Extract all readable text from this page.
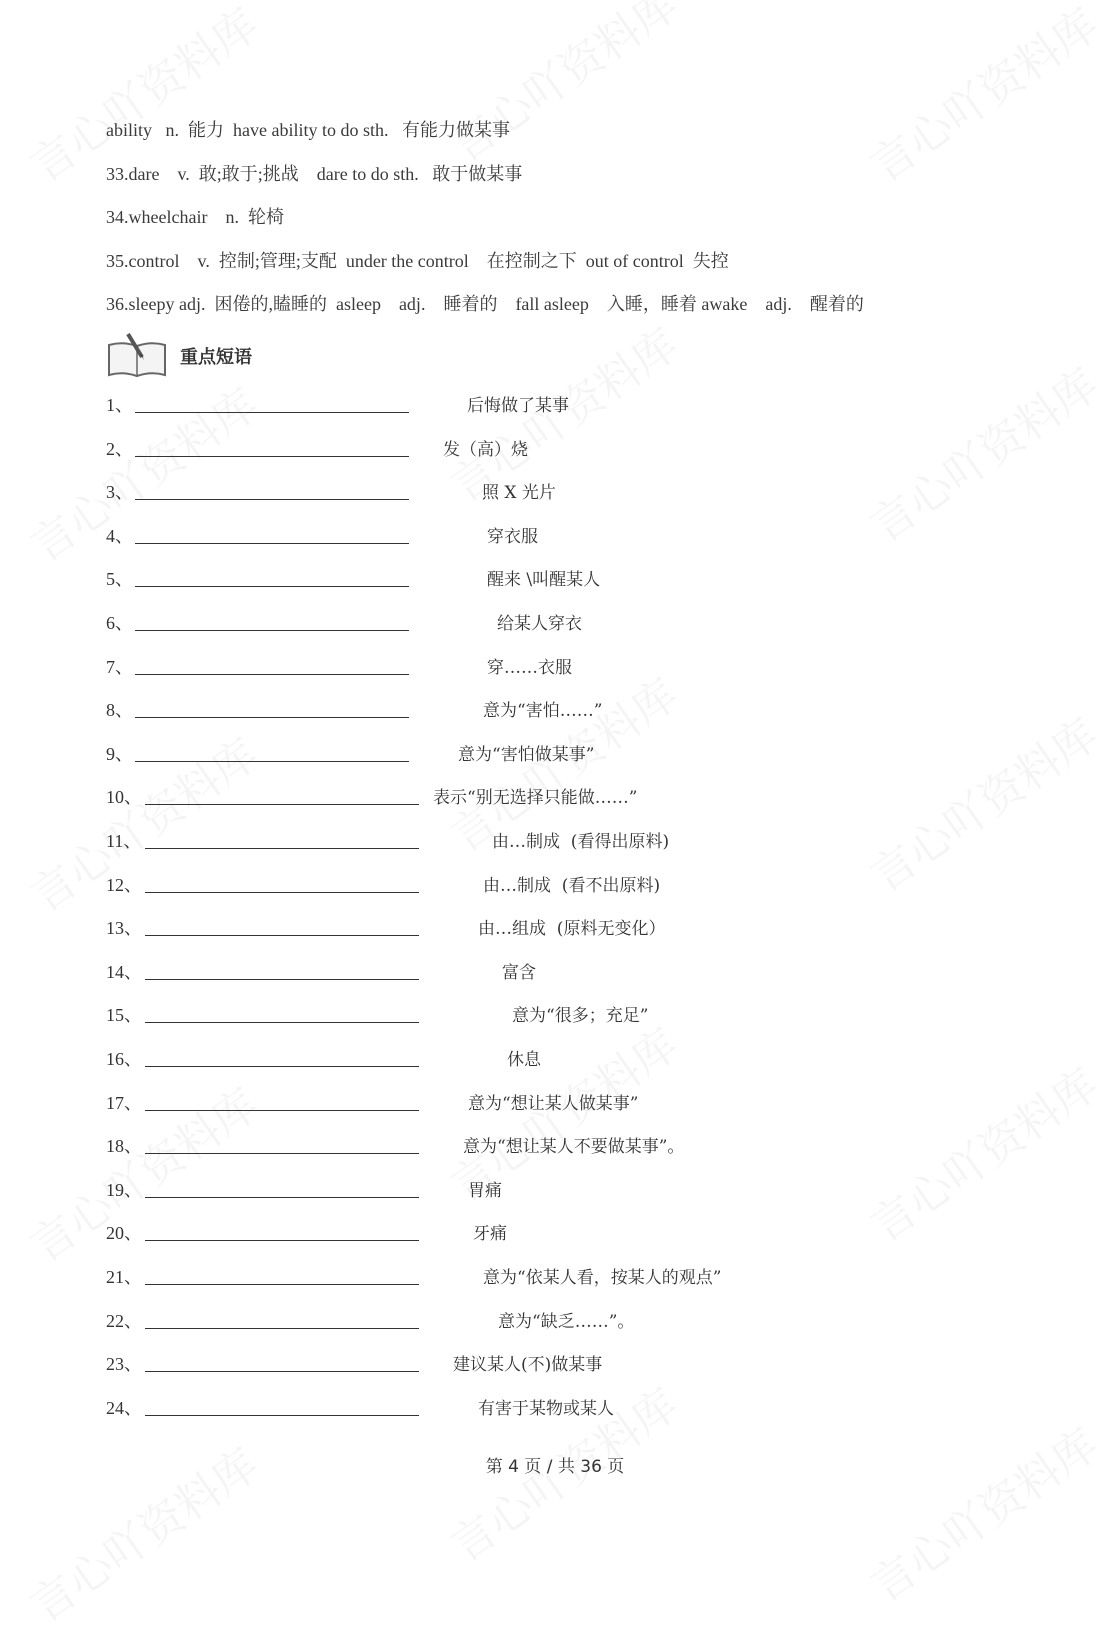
ability   n.  能力  have ability to do sth.   有能力做某事
33.dare    v.  敢;敢于;挑战    dare to do sth.   敢于做某事
34.wheelchair    n.  轮椅
35.control    v.  控制;管理;支配  under the control    在控制之下  out of control  失控
36.sleepy adj.  困倦的,瞌睡的  asleep    adj.    睡着的    fall asleep    入睡，睡着 awake    adj.    醒着的
重点短语
1、	后悔做了某事
2、	发（高）烧
3、	照 X 光片
4、	穿衣服
5、	醒来 \叫醒某人
6、	给某人穿衣
7、	穿……衣服
8、	意为“害怕……”
9、	意为“害怕做某事”
10、	表示“别无选择只能做……”
11、	由…制成  (看得出原料)
12、	由…制成  (看不出原料)
13、	由…组成  (原料无变化）
14、	富含
15、	意为“很多；充足”
16、	休息
17、	意为“想让某人做某事”
18、	意为“想让某人不要做某事”。
19、	胃痛
20、	牙痛
21、	意为“依某人看，按某人的观点”
22、	意为“缺乏……”。
23、	建议某人(不)做某事
24、	有害于某物或某人
第 4 页 / 共 36 页
